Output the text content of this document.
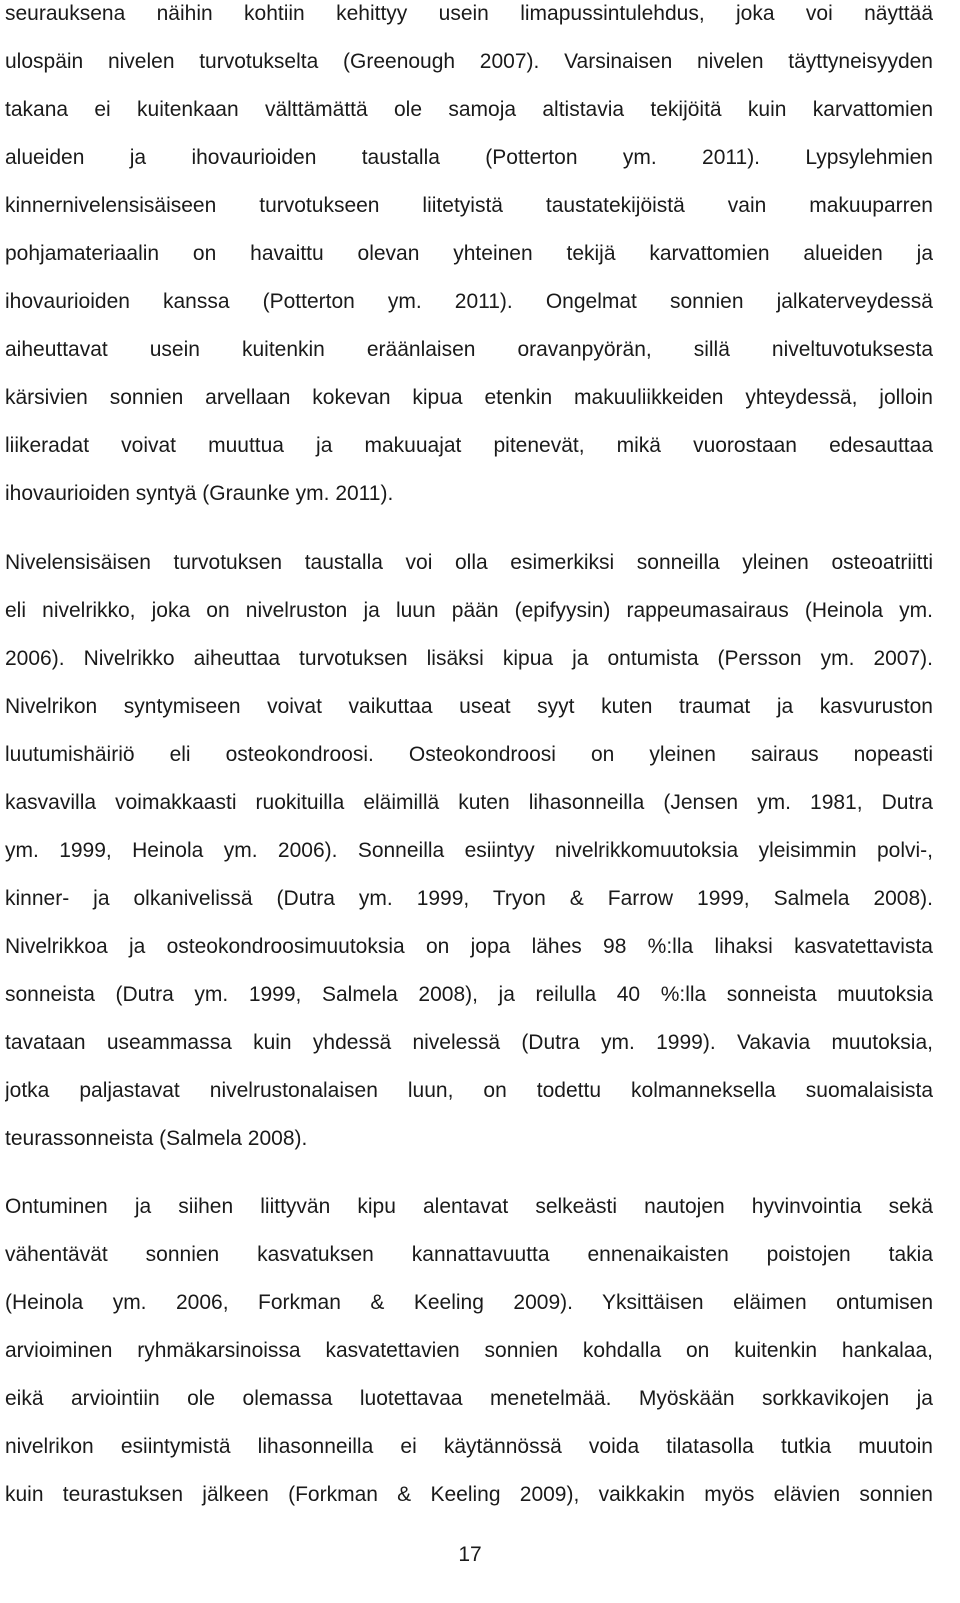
seurauksena näihin kohtiin kehittyy usein limapussintulehdus, joka voi näyttää
ulospäin nivelen turvotukselta (Greenough 2007). Varsinaisen nivelen täyttyneisyyden
takana ei kuitenkaan välttämättä ole samoja altistavia tekijöitä kuin karvattomien
alueiden ja ihovaurioiden taustalla (Potterton ym. 2011). Lypsylehmien
kinnernivelensisäiseen turvotukseen liitetyistä taustatekijöistä vain makuuparren
pohjamateriaalin on havaittu olevan yhteinen tekijä karvattomien alueiden ja
ihovaurioiden kanssa (Potterton ym. 2011). Ongelmat sonnien jalkaterveydessä
aiheuttavat usein kuitenkin eräänlaisen oravanpyörän, sillä niveltuvotuksesta
kärsivien sonnien arvellaan kokevan kipua etenkin makuuliikkeiden yhteydessä, jolloin
liikeradat voivat muuttua ja makuuajat pitenevät, mikä vuorostaan edesauttaa
ihovaurioiden syntyä (Graunke ym. 2011).
Nivelensisäisen turvotuksen taustalla voi olla esimerkiksi sonneilla yleinen osteoatriitti
eli nivelrikko, joka on nivelruston ja luun pään (epifyysin) rappeumasairaus (Heinola ym.
2006). Nivelrikko aiheuttaa turvotuksen lisäksi kipua ja ontumista (Persson ym. 2007).
Nivelrikon syntymiseen voivat vaikuttaa useat syyt kuten traumat ja kasvuruston
luutumishäiriö eli osteokondroosi. Osteokondroosi on yleinen sairaus nopeasti
kasvavilla voimakkaasti ruokituilla eläimillä kuten lihasonneilla (Jensen ym. 1981, Dutra
ym. 1999, Heinola ym. 2006). Sonneilla esiintyy nivelrikkomuutoksia yleisimmin polvi-,
kinner- ja olkanivelissä (Dutra ym. 1999, Tryon & Farrow 1999, Salmela 2008).
Nivelrikkoa ja osteokondroosimuutoksia on jopa lähes 98 %:lla lihaksi kasvatettavista
sonneista (Dutra ym. 1999, Salmela 2008), ja reilulla 40 %:lla sonneista muutoksia
tavataan useammassa kuin yhdessä nivelessä (Dutra ym. 1999). Vakavia muutoksia,
jotka paljastavat nivelrustonalaisen luun, on todettu kolmanneksella suomalaisista
teurassonneista (Salmela 2008).
Ontuminen ja siihen liittyvän kipu alentavat selkeästi nautojen hyvinvointia sekä
vähentävät sonnien kasvatuksen kannattavuutta ennenaikaisten poistojen takia
(Heinola ym. 2006, Forkman & Keeling 2009). Yksittäisen eläimen ontumisen
arvioiminen ryhmäkarsinoissa kasvatettavien sonnien kohdalla on kuitenkin hankalaa,
eikä arviointiin ole olemassa luotettavaa menetelmää. Myöskään sorkkavikojen ja
nivelrikon esiintymistä lihasonneilla ei käytännössä voida tilatasolla tutkia muutoin
kuin teurastuksen jälkeen (Forkman & Keeling 2009), vaikkakin myös elävien sonnien
17
